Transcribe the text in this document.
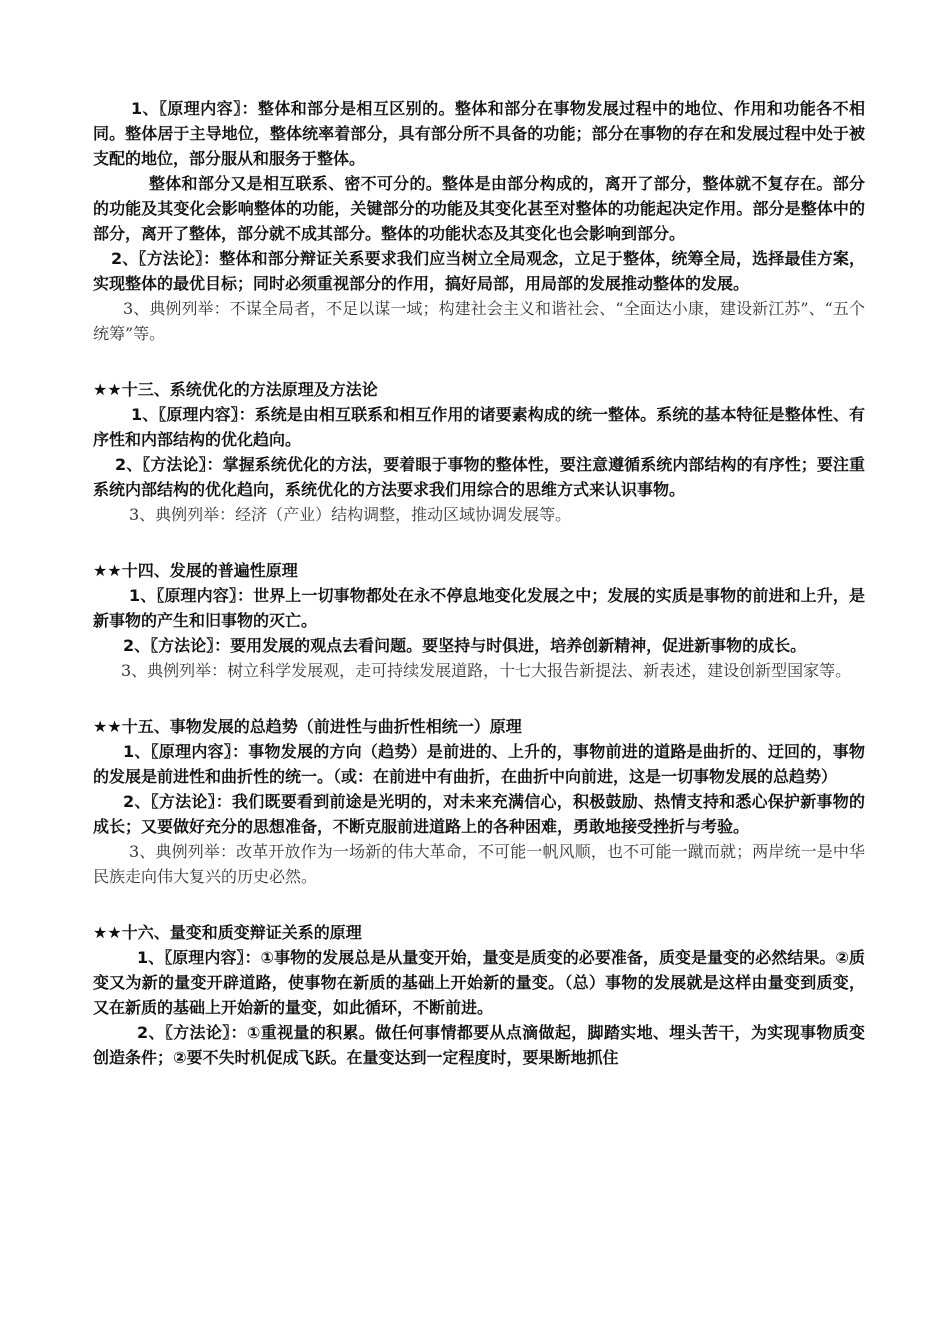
1、〖原理内容〗：整体和部分是相互区别的。整体和部分在事物发展过程中的地位、作用和功能各不相同。整体居于主导地位，整体统率着部分，具有部分所不具备的功能；部分在事物的存在和发展过程中处于被支配的地位，部分服从和服务于整体。

整体和部分又是相互联系、密不可分的。整体是由部分构成的，离开了部分，整体就不复存在。部分的功能及其变化会影响整体的功能，关键部分的功能及其变化甚至对整体的功能起决定作用。部分是整体中的部分，离开了整体，部分就不成其部分。整体的功能状态及其变化也会影响到部分。

2、〖方法论〗：整体和部分辩证关系要求我们应当树立全局观念，立足于整体，统筹全局，选择最佳方案，实现整体的最优目标；同时必须重视部分的作用，搞好局部，用局部的发展推动整体的发展。

3、典例列举：不谋全局者，不足以谋一域；构建社会主义和谐社会、“全面达小康，建设新江苏”、“五个统筹”等。

★★十三、系统优化的方法原理及方法论

1、〖原理内容〗：系统是由相互联系和相互作用的诸要素构成的统一整体。系统的基本特征是整体性、有序性和内部结构的优化趋向。

2、〖方法论〗：掌握系统优化的方法，要着眼于事物的整体性，要注意遵循系统内部结构的有序性；要注重系统内部结构的优化趋向，系统优化的方法要求我们用综合的思维方式来认识事物。

3、典例列举：经济（产业）结构调整，推动区域协调发展等。

★★十四、发展的普遍性原理

1、〖原理内容〗：世界上一切事物都处在永不停息地变化发展之中；发展的实质是事物的前进和上升，是新事物的产生和旧事物的灭亡。

2、〖方法论〗：要用发展的观点去看问题。要坚持与时俱进，培养创新精神，促进新事物的成长。

3、典例列举：树立科学发展观，走可持续发展道路，十七大报告新提法、新表述，建设创新型国家等。

★★十五、事物发展的总趋势（前进性与曲折性相统一）原理

1、〖原理内容〗：事物发展的方向（趋势）是前进的、上升的，事物前进的道路是曲折的、迂回的，事物的发展是前进性和曲折性的统一。（或：在前进中有曲折，在曲折中向前进，这是一切事物发展的总趋势）

2、〖方法论〗：我们既要看到前途是光明的，对未来充满信心，积极鼓励、热情支持和悉心保护新事物的成长；又要做好充分的思想准备，不断克服前进道路上的各种困难，勇敢地接受挫折与考验。

3、典例列举：改革开放作为一场新的伟大革命，不可能一帆风顺，也不可能一蹴而就；两岸统一是中华民族走向伟大复兴的历史必然。

★★十六、量变和质变辩证关系的原理

1、〖原理内容〗：①事物的发展总是从量变开始，量变是质变的必要准备，质变是量变的必然结果。②质变又为新的量变开辟道路，使事物在新质的基础上开始新的量变。（总）事物的发展就是这样由量变到质变，又在新质的基础上开始新的量变，如此循环，不断前进。

2、〖方法论〗：①重视量的积累。做任何事情都要从点滴做起，脚踏实地、埋头苦干，为实现事物质变创造条件；②要不失时机促成飞跃。在量变达到一定程度时，要果断地抓住
